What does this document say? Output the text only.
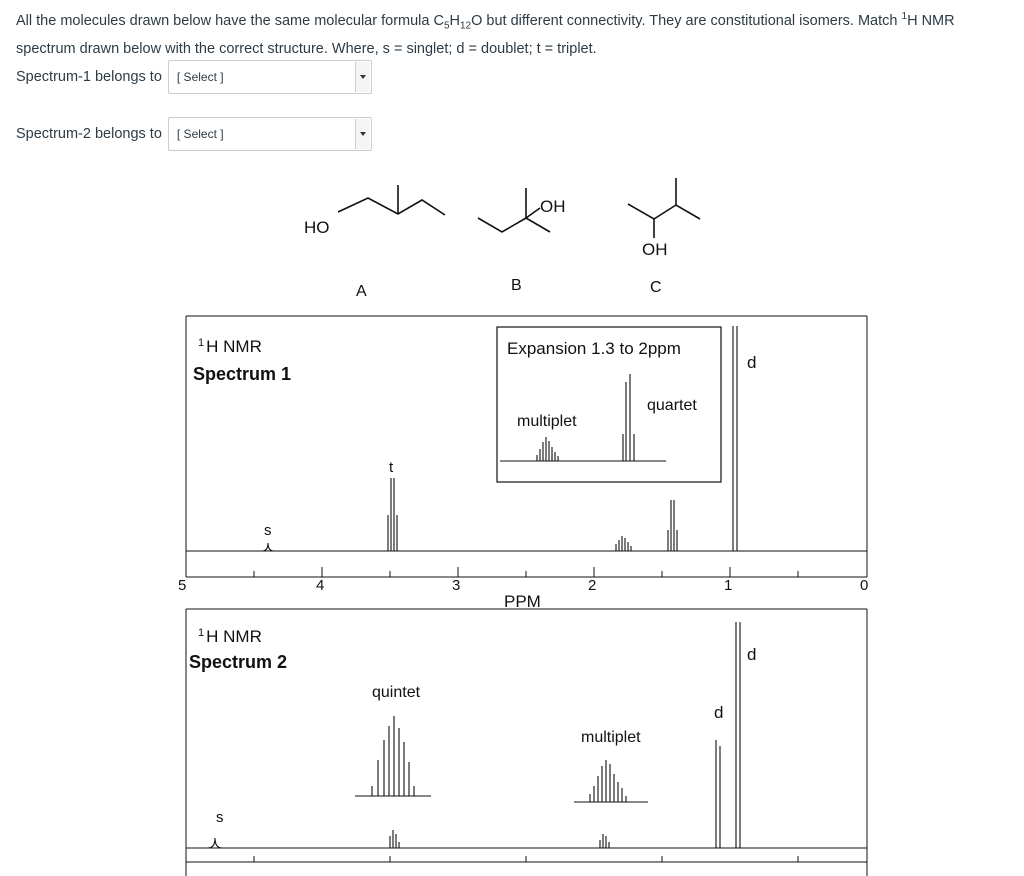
All the molecules drawn below have the same molecular formula $C_5H_{12}O$ but different connectivity. They are constitutional isomers. Match $^1$H NMR spectrum drawn below with the correct structure. Where, s = singlet; d = doublet; t = triplet.
Spectrum-1 belongs to	[ Select ]
Spectrum-2 belongs to	[ Select ]
HO
A
OH
B
OH
C
$^1$ H NMR
Spectrum 1
s
t
d
Expansion 1.3 to 2ppm
multiplet
quartet
5	4	3	2	1	0
PPM
$^1$ H NMR
Spectrum 2
quintet
multiplet
s
d
d
